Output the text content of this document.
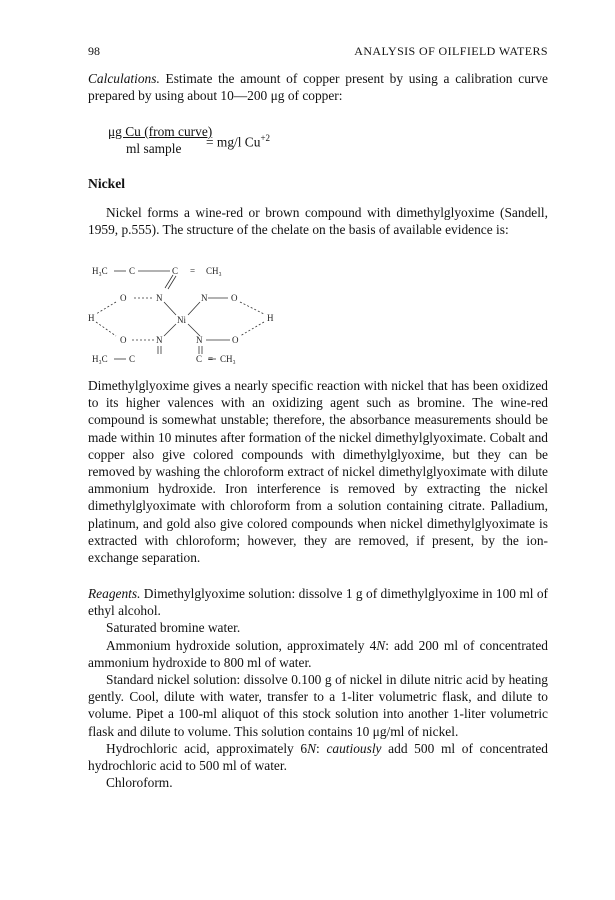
98	ANALYSIS OF OILFIELD WATERS

Calculations. Estimate the amount of copper present by using a calibration curve prepared by using about 10—200 μg of copper:

μg Cu (from curve)
ml sample = mg/l $Cu^{+2}$
Nickel

Nickel forms a wine-red or brown compound with dimethylglyoxime (Sandell, 1959, p.555). The structure of the chelate on the basis of available evidence is:

H₃C C	C = CH₃
O	N	N	O
H	Ni	H
O	N	N	O
H₃C C	C = CH₃

Dimethylglyoxime gives a nearly specific reaction with nickel that has been oxidized to its higher valences with an oxidizing agent such as bromine. The wine-red compound is somewhat unstable; therefore, the absorbance measurements should be made within 10 minutes after formation of the nickel dimethylglyoximate. Cobalt and copper also give colored compounds with dimethylglyoxime, but they can be removed by washing the chloroform extract of nickel dimethylglyoximate with dilute ammonium hydroxide. Iron interference is removed by extracting the nickel dimethylglyoximate with chloroform from a solution containing citrate. Palladium, platinum, and gold also give colored compounds when nickel dimethylglyoximate is extracted with chloroform; however, they are removed, if present, by the ion-exchange separation.

Reagents. Dimethylglyoxime solution: dissolve 1 g of dimethylglyoxime in 100 ml of ethyl alcohol.
Saturated bromine water.
Ammonium hydroxide solution, approximately 4N: add 200 ml of concentrated ammonium hydroxide to 800 ml of water.
Standard nickel solution: dissolve 0.100 g of nickel in dilute nitric acid by heating gently. Cool, dilute with water, transfer to a 1-liter volumetric flask, and dilute to volume. Pipet a 100-ml aliquot of this stock solution into another 1-liter volumetric flask and dilute to volume. This solution contains 10 μg/ml of nickel.
Hydrochloric acid, approximately 6N: cautiously add 500 ml of concentrated hydrochloric acid to 500 ml of water.
Chloroform.
